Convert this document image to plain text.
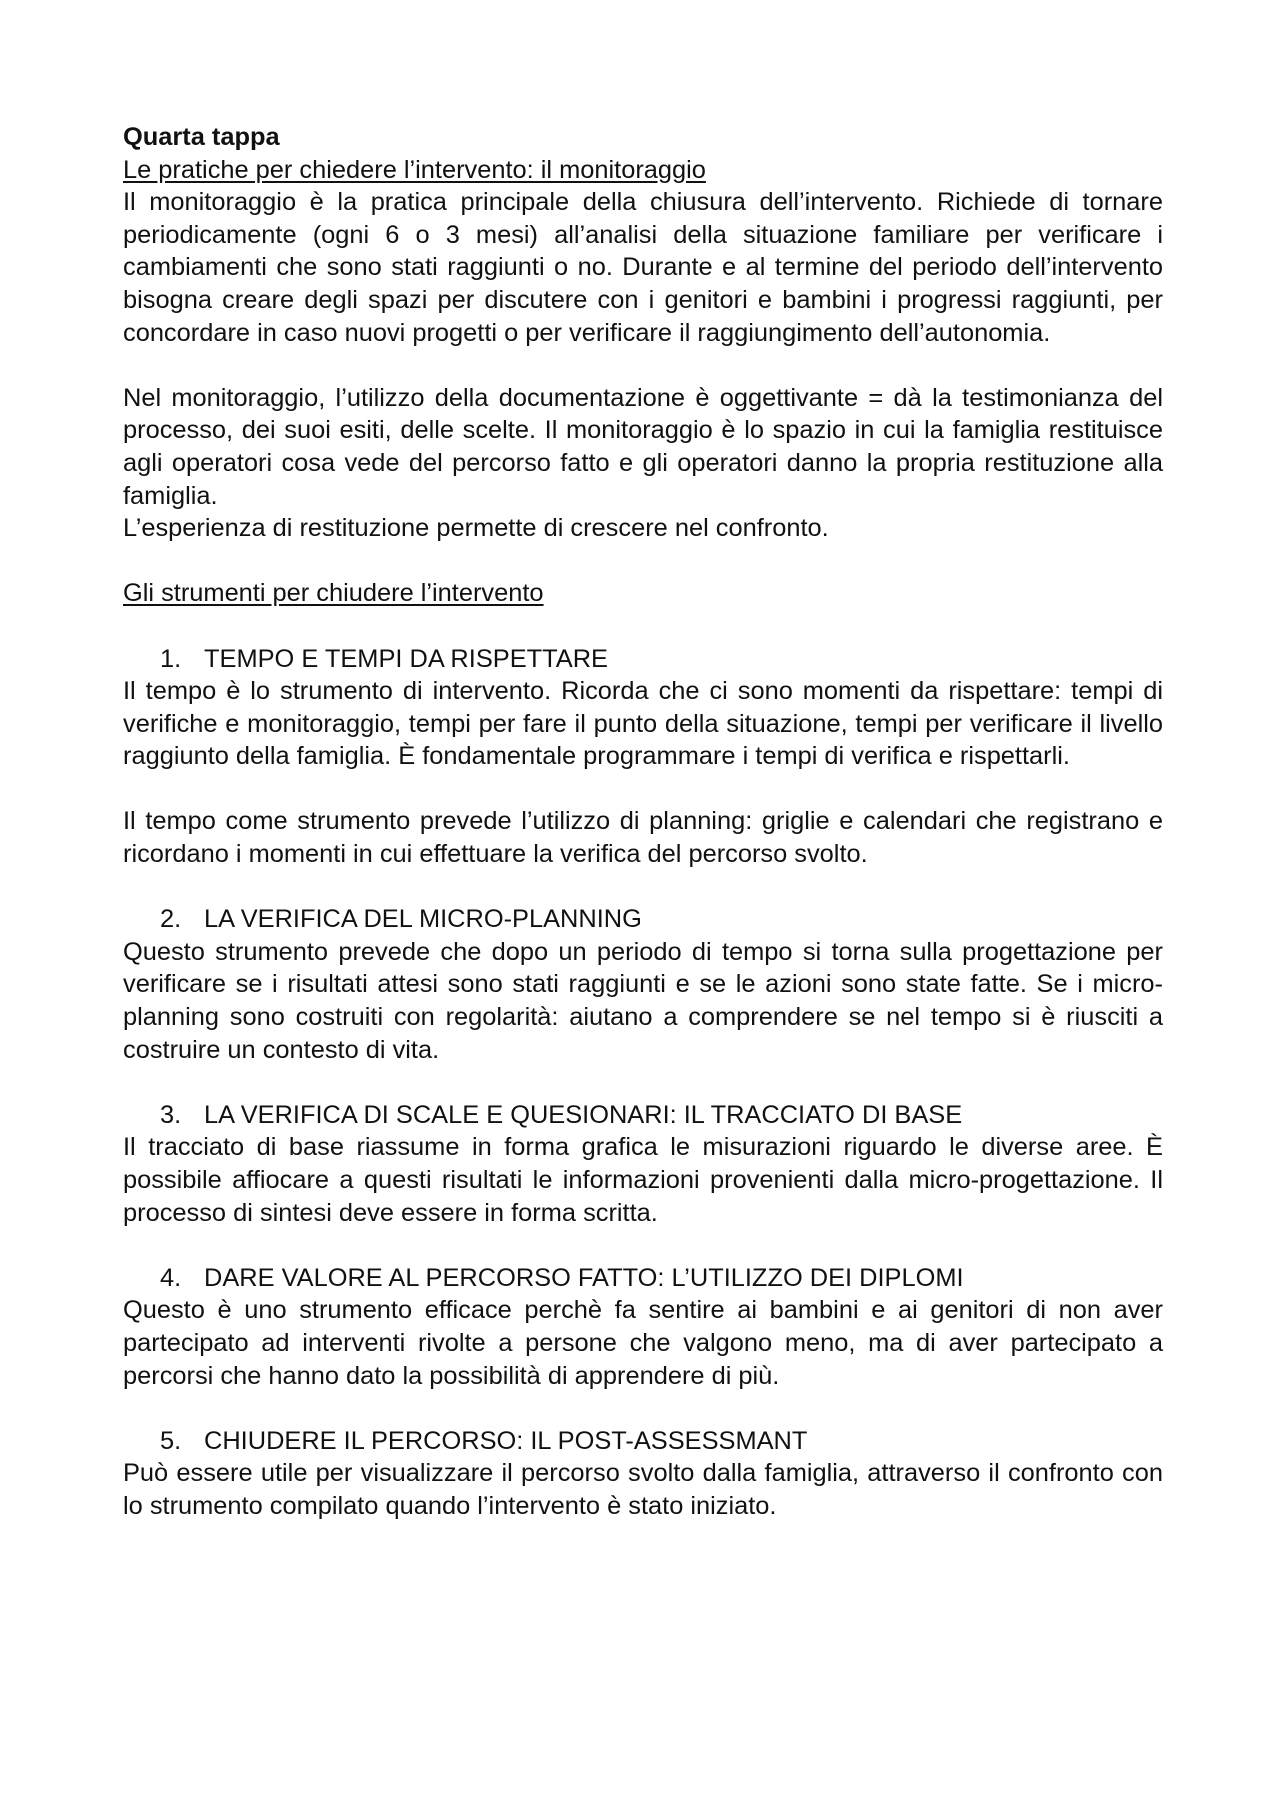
Quarta tappa

Le pratiche per chiedere l’intervento: il monitoraggio

Il monitoraggio è la pratica principale della chiusura dell’intervento. Richiede di tornare periodicamente (ogni 6 o 3 mesi) all’analisi della situazione familiare per verificare i cambiamenti che sono stati raggiunti o no. Durante e al termine del periodo dell’intervento bisogna creare degli spazi per discutere con i genitori e bambini i progressi raggiunti, per concordare in caso nuovi progetti o per verificare il raggiungimento dell’autonomia.

Nel monitoraggio, l’utilizzo della documentazione è oggettivante = dà la testimonianza del processo, dei suoi esiti, delle scelte. Il monitoraggio è lo spazio in cui la famiglia restituisce agli operatori cosa vede del percorso fatto e gli operatori danno la propria restituzione alla famiglia.

L’esperienza di restituzione permette di crescere nel confronto.

Gli strumenti per chiudere l’intervento

1. TEMPO E TEMPI DA RISPETTARE

Il tempo è lo strumento di intervento. Ricorda che ci sono momenti da rispettare: tempi di verifiche e monitoraggio, tempi per fare il punto della situazione, tempi per verificare il livello raggiunto della famiglia. È fondamentale programmare i tempi di verifica e rispettarli.

Il tempo come strumento prevede l’utilizzo di planning: griglie e calendari che registrano e ricordano i momenti in cui effettuare la verifica del percorso svolto.

2. LA VERIFICA DEL MICRO-PLANNING

Questo strumento prevede che dopo un periodo di tempo si torna sulla progettazione per verificare se i risultati attesi sono stati raggiunti e se le azioni sono state fatte. Se i micro-planning sono costruiti con regolarità: aiutano a comprendere se nel tempo si è riusciti a costruire un contesto di vita.

3. LA VERIFICA DI SCALE E QUESIONARI: IL TRACCIATO DI BASE

Il tracciato di base riassume in forma grafica le misurazioni riguardo le diverse aree. È possibile affiocare a questi risultati le informazioni provenienti dalla micro-progettazione. Il processo di sintesi deve essere in forma scritta.

4. DARE VALORE AL PERCORSO FATTO: L’UTILIZZO DEI DIPLOMI

Questo è uno strumento efficace perchè fa sentire ai bambini e ai genitori di non aver partecipato ad interventi rivolte a persone che valgono meno, ma di aver partecipato a percorsi che hanno dato la possibilità di apprendere di più.

5. CHIUDERE IL PERCORSO: IL POST-ASSESSMANT

Può essere utile per visualizzare il percorso svolto dalla famiglia, attraverso il confronto con lo strumento compilato quando l’intervento è stato iniziato.
